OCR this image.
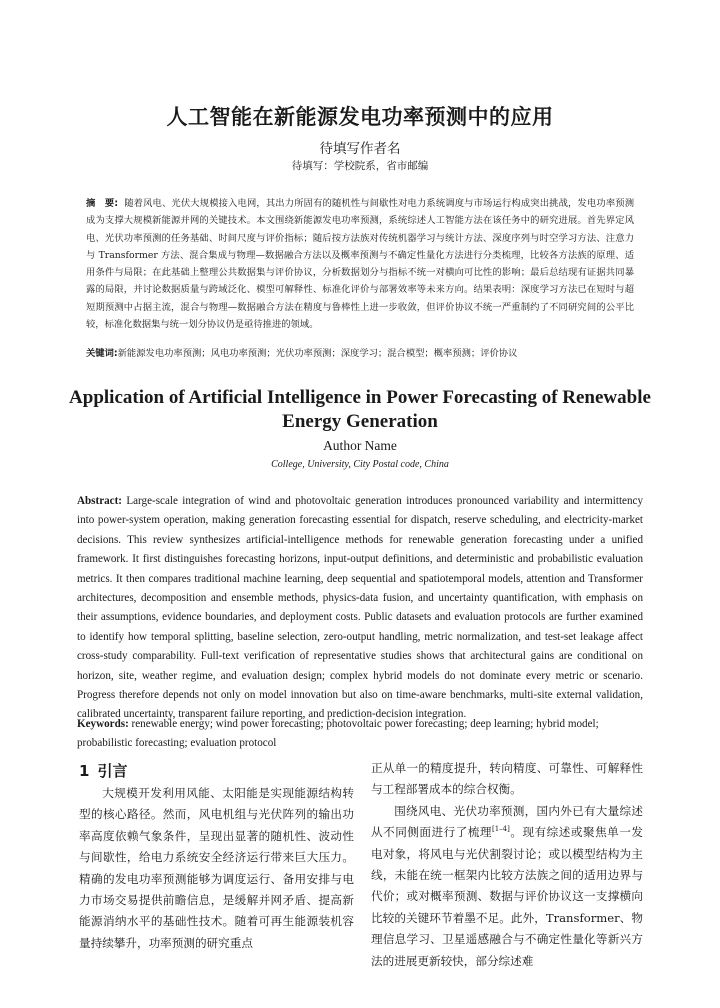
人工智能在新能源发电功率预测中的应用
待填写作者名
待填写：学校院系，省市邮编
摘　要: 随着风电、光伏大规模接入电网，其出力所固有的随机性与间歇性对电力系统调度与市场运行构成突出挑战，发电功率预测成为支撑大规模新能源并网的关键技术。本文围绕新能源发电功率预测，系统综述人工智能方法在该任务中的研究进展。首先界定风电、光伏功率预测的任务基础、时间尺度与评价指标；随后按方法族对传统机器学习与统计方法、深度序列与时空学习方法、注意力与 Transformer 方法、混合集成与物理—数据融合方法以及概率预测与不确定性量化方法进行分类梳理，比较各方法族的原理、适用条件与局限；在此基础上整理公共数据集与评价协议，分析数据划分与指标不统一对横向可比性的影响；最后总结现有证据共同暴露的局限，并讨论数据质量与跨域泛化、模型可解释性、标准化评价与部署效率等未来方向。结果表明：深度学习方法已在短时与超短期预测中占据主流，混合与物理—数据融合方法在精度与鲁棒性上进一步收敛，但评价协议不统一严重制约了不同研究间的公平比较，标准化数据集与统一划分协议仍是亟待推进的领域。
关键词:新能源发电功率预测；风电功率预测；光伏功率预测；深度学习；混合模型；概率预测；评价协议
Application of Artificial Intelligence in Power Forecasting of Renewable Energy Generation
Author Name
College, University, City Postal code, China
Abstract: Large-scale integration of wind and photovoltaic generation introduces pronounced variability and intermittency into power-system operation, making generation forecasting essential for dispatch, reserve scheduling, and electricity-market decisions. This review synthesizes artificial-intelligence methods for renewable generation forecasting under a unified framework. It first distinguishes forecasting horizons, input-output definitions, and deterministic and probabilistic evaluation metrics. It then compares traditional machine learning, deep sequential and spatiotemporal models, attention and Transformer architectures, decomposition and ensemble methods, physics-data fusion, and uncertainty quantification, with emphasis on their assumptions, evidence boundaries, and deployment costs. Public datasets and evaluation protocols are further examined to identify how temporal splitting, baseline selection, zero-output handling, metric normalization, and test-set leakage affect cross-study comparability. Full-text verification of representative studies shows that architectural gains are conditional on horizon, site, weather regime, and evaluation design; complex hybrid models do not dominate every metric or scenario. Progress therefore depends not only on model innovation but also on time-aware benchmarks, multi-site external validation, calibrated uncertainty, transparent failure reporting, and prediction-decision integration.
Keywords: renewable energy; wind power forecasting; photovoltaic power forecasting; deep learning; hybrid model; probabilistic forecasting; evaluation protocol
1 引言

大规模开发利用风能、太阳能是实现能源结构转型的核心路径。然而，风电机组与光伏阵列的输出功率高度依赖气象条件，呈现出显著的随机性、波动性与间歇性，给电力系统安全经济运行带来巨大压力。精确的发电功率预测能够为调度运行、备用安排与电力市场交易提供前瞻信息，是缓解并网矛盾、提高新能源消纳水平的基础性技术。随着可再生能源装机容量持续攀升，功率预测的研究重点

正从单一的精度提升，转向精度、可靠性、可解释性与工程部署成本的综合权衡。

围绕风电、光伏功率预测，国内外已有大量综述从不同侧面进行了梳理[1–4]。现有综述或聚焦单一发电对象，将风电与光伏割裂讨论；或以模型结构为主线，未能在统一框架内比较方法族之间的适用边界与代价；或对概率预测、数据与评价协议这一支撑横向比较的关键环节着墨不足。此外，Transformer、物理信息学习、卫星遥感融合与不确定性量化等新兴方法的进展更新较快，部分综述难
